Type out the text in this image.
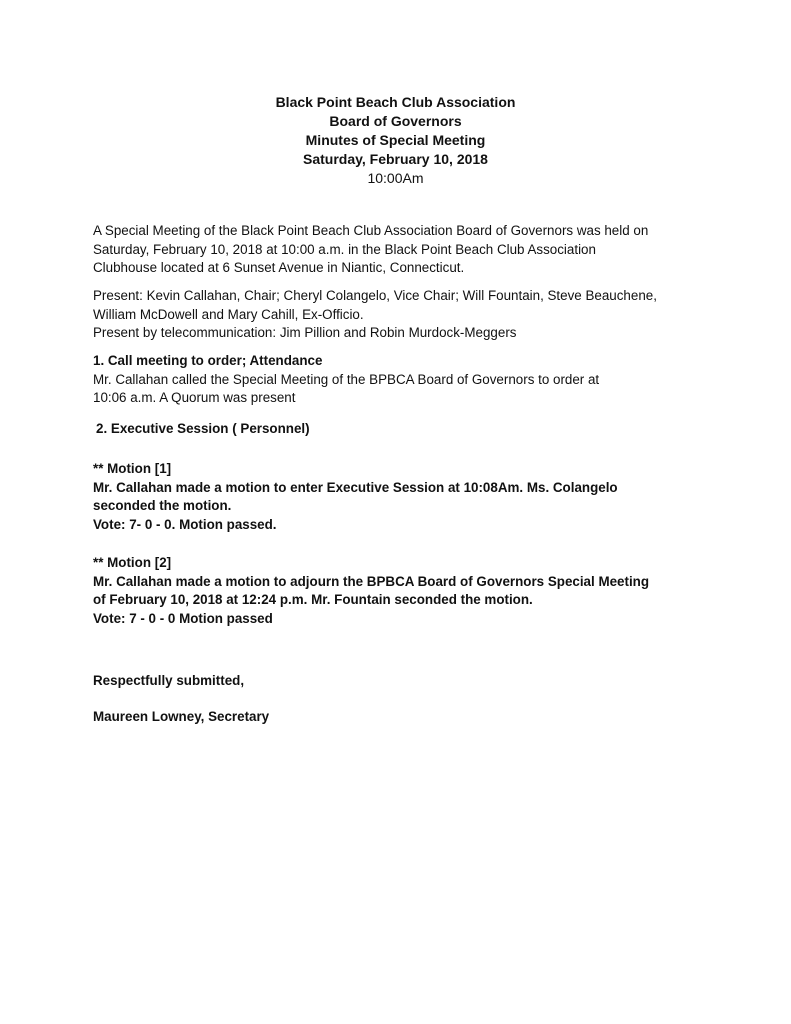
Black Point Beach Club Association
Board of Governors
Minutes of Special Meeting
Saturday, February 10, 2018
10:00Am
A Special Meeting of the Black Point Beach Club Association Board of Governors was held on
Saturday, February 10, 2018 at 10:00 a.m. in the Black Point Beach Club Association
Clubhouse located at 6 Sunset Avenue in Niantic, Connecticut.
Present: Kevin Callahan, Chair; Cheryl Colangelo, Vice Chair; Will Fountain, Steve Beauchene,
William McDowell and Mary Cahill, Ex-Officio.
Present by telecommunication: Jim Pillion and Robin Murdock-Meggers
1. Call meeting to order; Attendance
Mr. Callahan called the Special Meeting of the BPBCA Board of Governors to order at
10:06 a.m. A Quorum was present
2. Executive Session ( Personnel)
** Motion [1]
Mr. Callahan made a motion to enter Executive Session at 10:08Am. Ms. Colangelo
seconded the motion.
Vote: 7- 0 - 0. Motion passed.
** Motion [2]
Mr. Callahan made a motion to adjourn the BPBCA Board of Governors Special Meeting
of February 10, 2018 at 12:24 p.m. Mr. Fountain seconded the motion.
Vote: 7 - 0 - 0 Motion passed
Respectfully submitted,
Maureen Lowney, Secretary
